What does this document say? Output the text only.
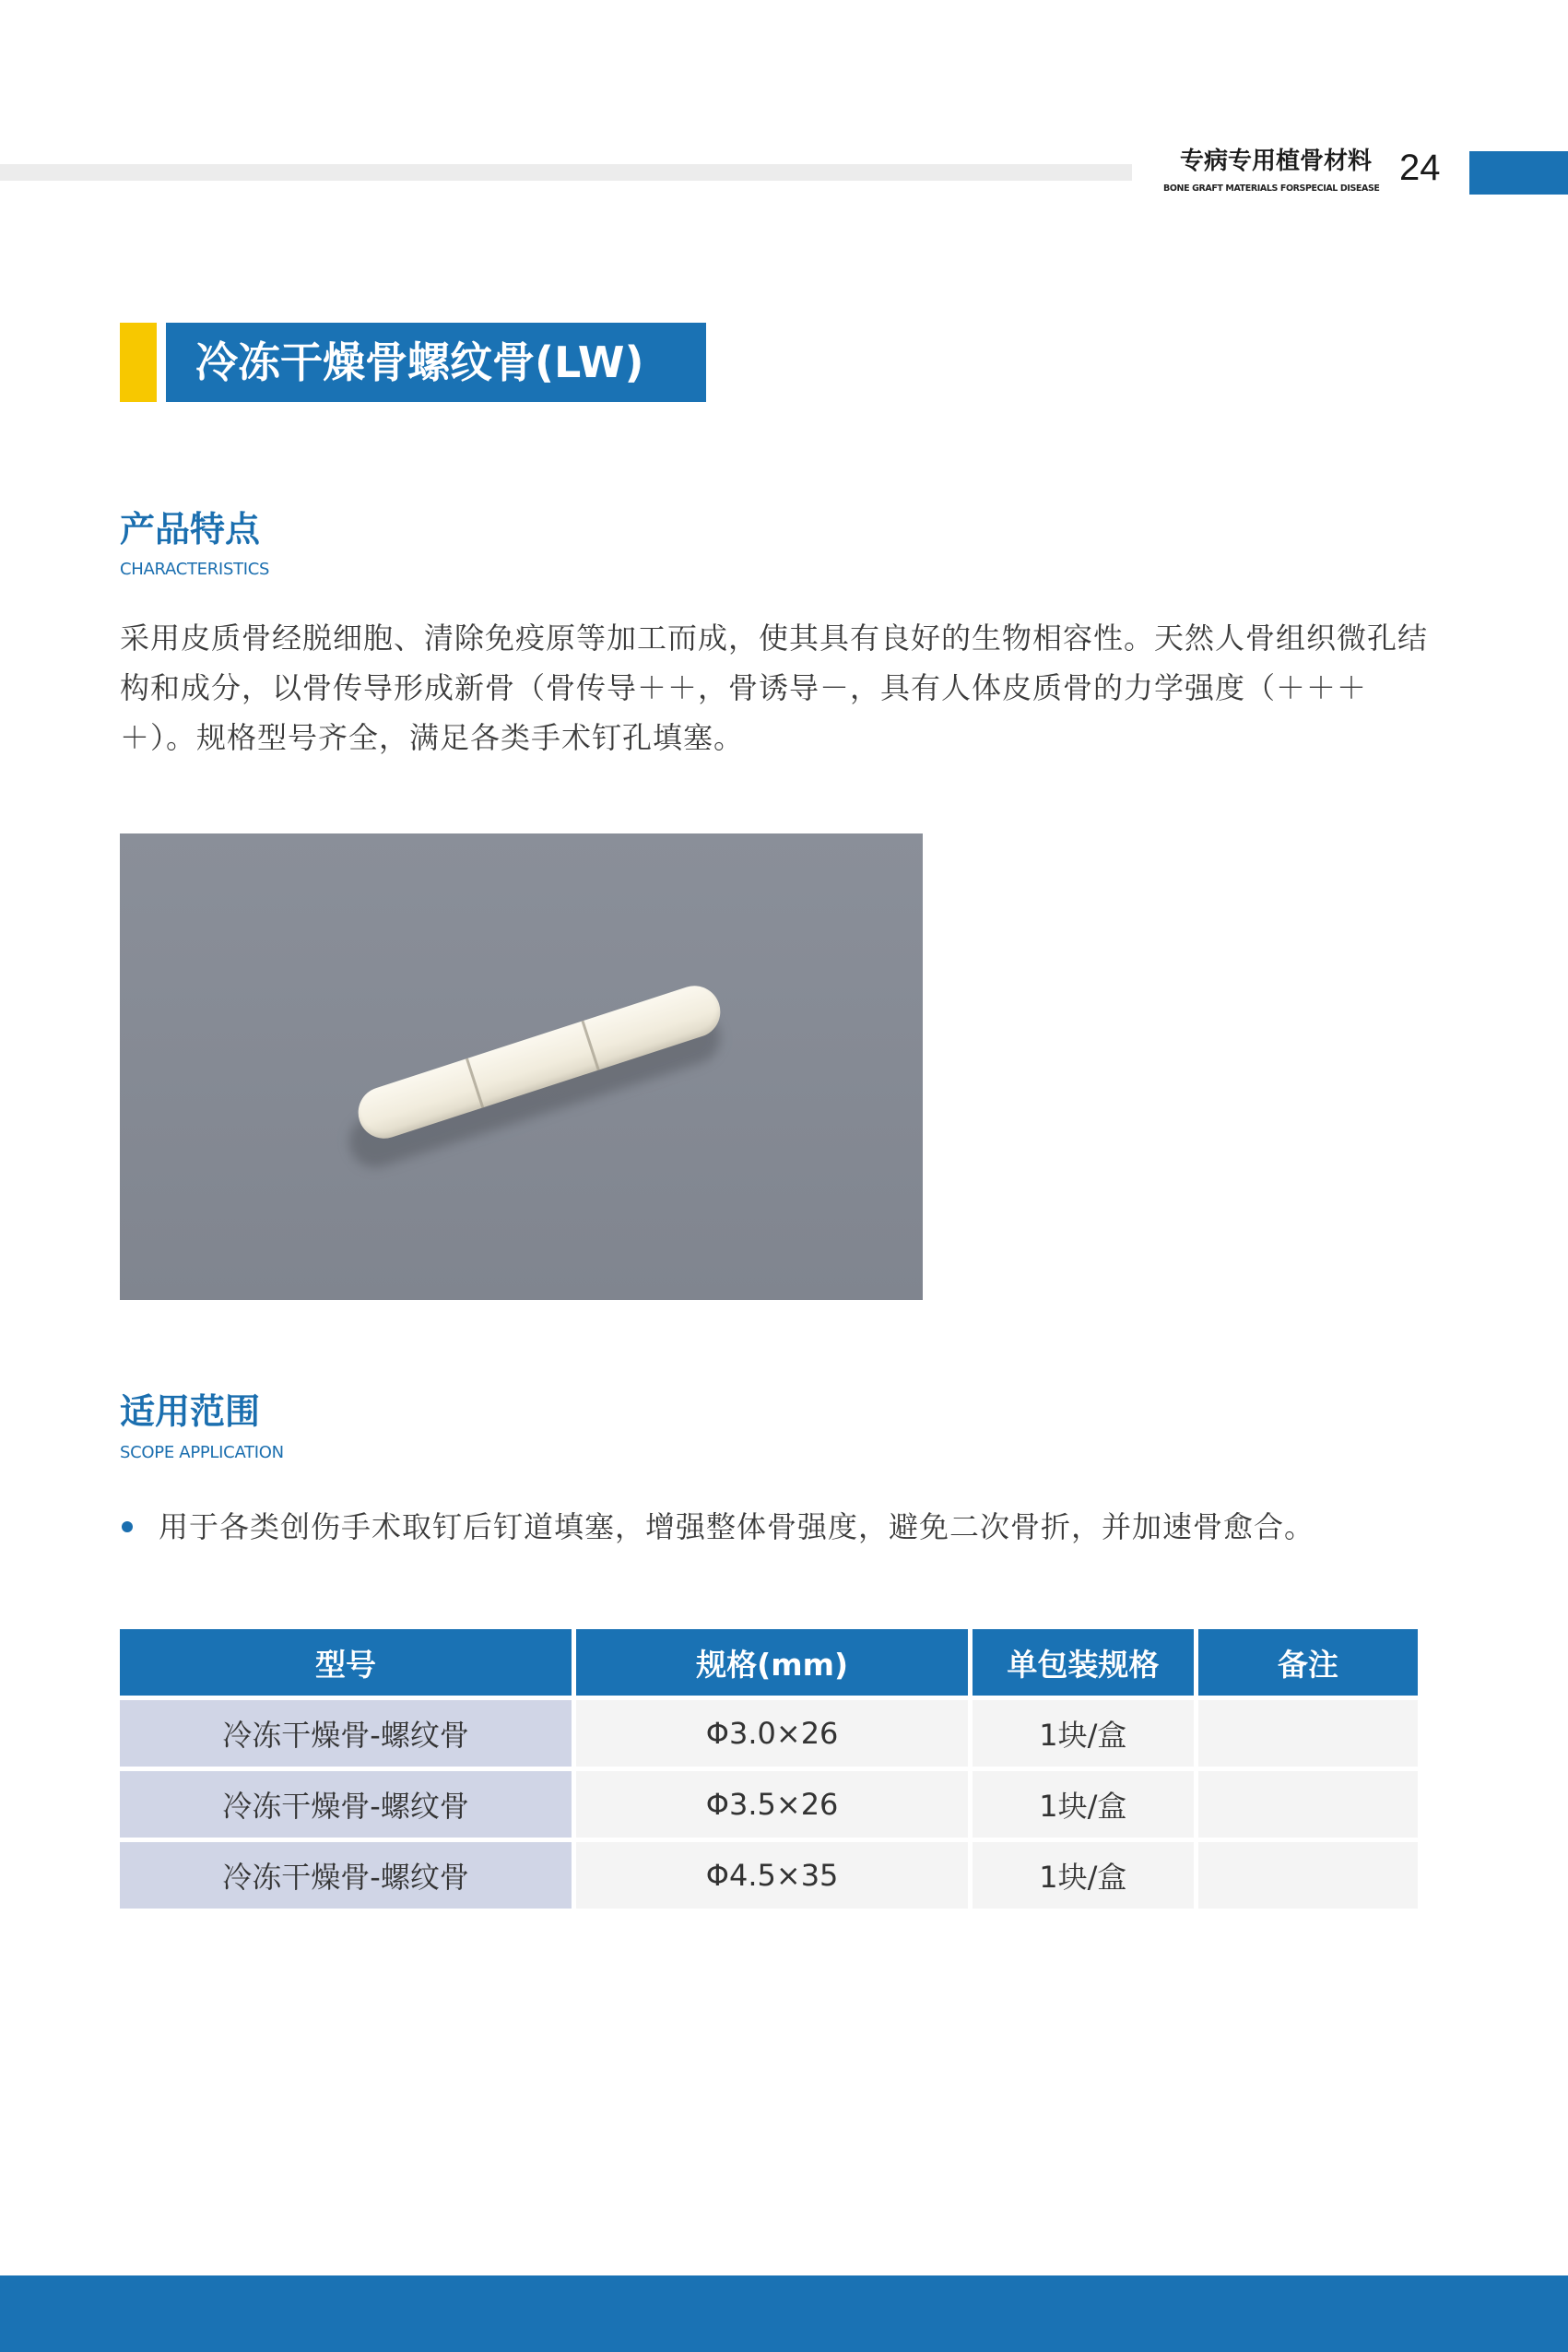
专病专用植骨材料
BONE GRAFT MATERIALS FORSPECIAL DISEASE
24
冷冻干燥骨螺纹骨(LW)
产品特点
CHARACTERISTICS
采用皮质骨经脱细胞、清除免疫原等加工而成，使其具有良好的生物相容性。天然人骨组织微孔结构和成分，以骨传导形成新骨（骨传导＋＋，骨诱导－，具有人体皮质骨的力学强度（＋＋＋＋）。规格型号齐全，满足各类手术钉孔填塞。
适用范围
SCOPE APPLICATION
用于各类创伤手术取钉后钉道填塞，增强整体骨强度，避免二次骨折，并加速骨愈合。
型号	规格(mm)	单包装规格	备注
冷冻干燥骨-螺纹骨	Φ3.0×26	1块/盒	
冷冻干燥骨-螺纹骨	Φ3.5×26	1块/盒	
冷冻干燥骨-螺纹骨	Φ4.5×35	1块/盒	
